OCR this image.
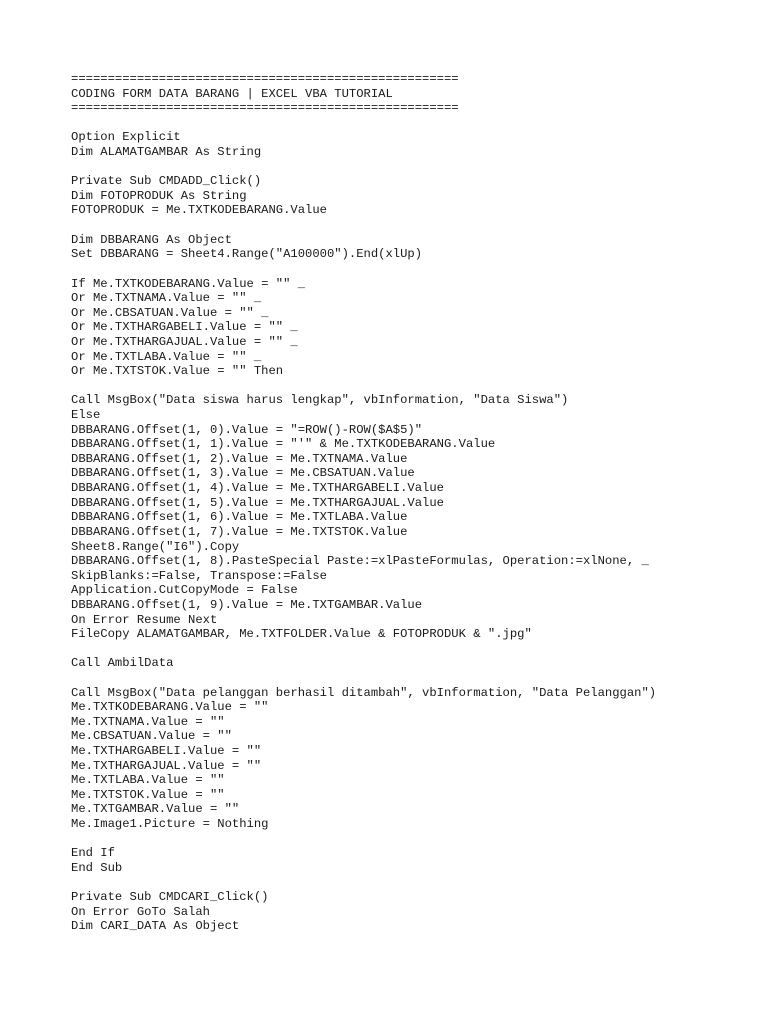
=====================================================
CODING FORM DATA BARANG | EXCEL VBA TUTORIAL
=====================================================
Option Explicit
Dim ALAMATGAMBAR As String
Private Sub CMDADD_Click()
Dim FOTOPRODUK As String
FOTOPRODUK = Me.TXTKODEBARANG.Value
Dim DBBARANG As Object
Set DBBARANG = Sheet4.Range("A100000").End(xlUp)
If Me.TXTKODEBARANG.Value = "" _
Or Me.TXTNAMA.Value = "" _
Or Me.CBSATUAN.Value = "" _
Or Me.TXTHARGABELI.Value = "" _
Or Me.TXTHARGAJUAL.Value = "" _
Or Me.TXTLABA.Value = "" _
Or Me.TXTSTOK.Value = "" Then
Call MsgBox("Data siswa harus lengkap", vbInformation, "Data Siswa")
Else
DBBARANG.Offset(1, 0).Value = "=ROW()-ROW($A$5)"
DBBARANG.Offset(1, 1).Value = "'" & Me.TXTKODEBARANG.Value
DBBARANG.Offset(1, 2).Value = Me.TXTNAMA.Value
DBBARANG.Offset(1, 3).Value = Me.CBSATUAN.Value
DBBARANG.Offset(1, 4).Value = Me.TXTHARGABELI.Value
DBBARANG.Offset(1, 5).Value = Me.TXTHARGAJUAL.Value
DBBARANG.Offset(1, 6).Value = Me.TXTLABA.Value
DBBARANG.Offset(1, 7).Value = Me.TXTSTOK.Value
Sheet8.Range("I6").Copy
DBBARANG.Offset(1, 8).PasteSpecial Paste:=xlPasteFormulas, Operation:=xlNone, _
SkipBlanks:=False, Transpose:=False
Application.CutCopyMode = False
DBBARANG.Offset(1, 9).Value = Me.TXTGAMBAR.Value
On Error Resume Next
FileCopy ALAMATGAMBAR, Me.TXTFOLDER.Value & FOTOPRODUK & ".jpg"
Call AmbilData
Call MsgBox("Data pelanggan berhasil ditambah", vbInformation, "Data Pelanggan")
Me.TXTKODEBARANG.Value = ""
Me.TXTNAMA.Value = ""
Me.CBSATUAN.Value = ""
Me.TXTHARGABELI.Value = ""
Me.TXTHARGAJUAL.Value = ""
Me.TXTLABA.Value = ""
Me.TXTSTOK.Value = ""
Me.TXTGAMBAR.Value = ""
Me.Image1.Picture = Nothing
End If
End Sub
Private Sub CMDCARI_Click()
On Error GoTo Salah
Dim CARI_DATA As Object
